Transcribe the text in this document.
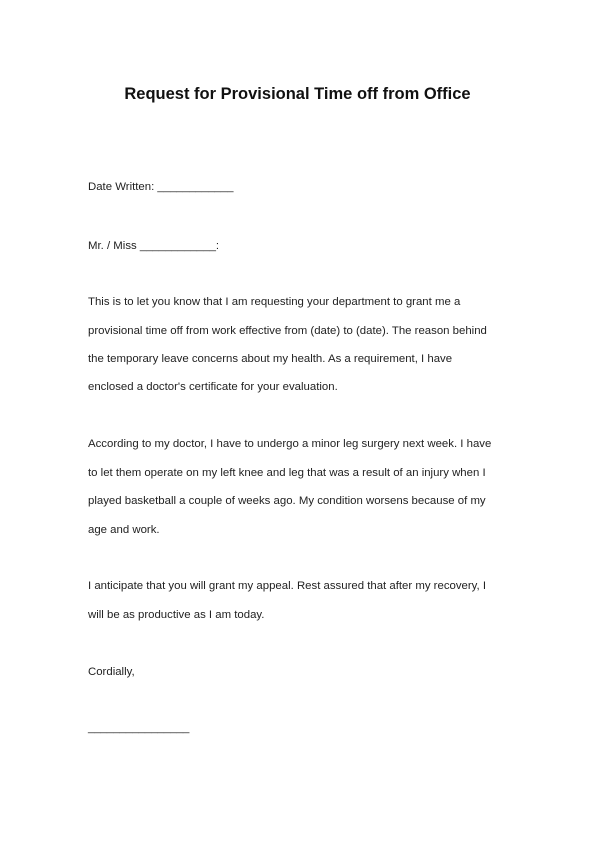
Request for Provisional Time off from Office
Date Written: ____________
Mr. / Miss ____________:
This is to let you know that I am requesting your department to grant me a
provisional time off from work effective from (date) to (date). The reason behind
the temporary leave concerns about my health. As a requirement, I have
enclosed a doctor's certificate for your evaluation.
According to my doctor, I have to undergo a minor leg surgery next week. I have
to let them operate on my left knee and leg that was a result of an injury when I
played basketball a couple of weeks ago. My condition worsens because of my
age and work.
I anticipate that you will grant my appeal. Rest assured that after my recovery, I
will be as productive as I am today.
Cordially,
________________
